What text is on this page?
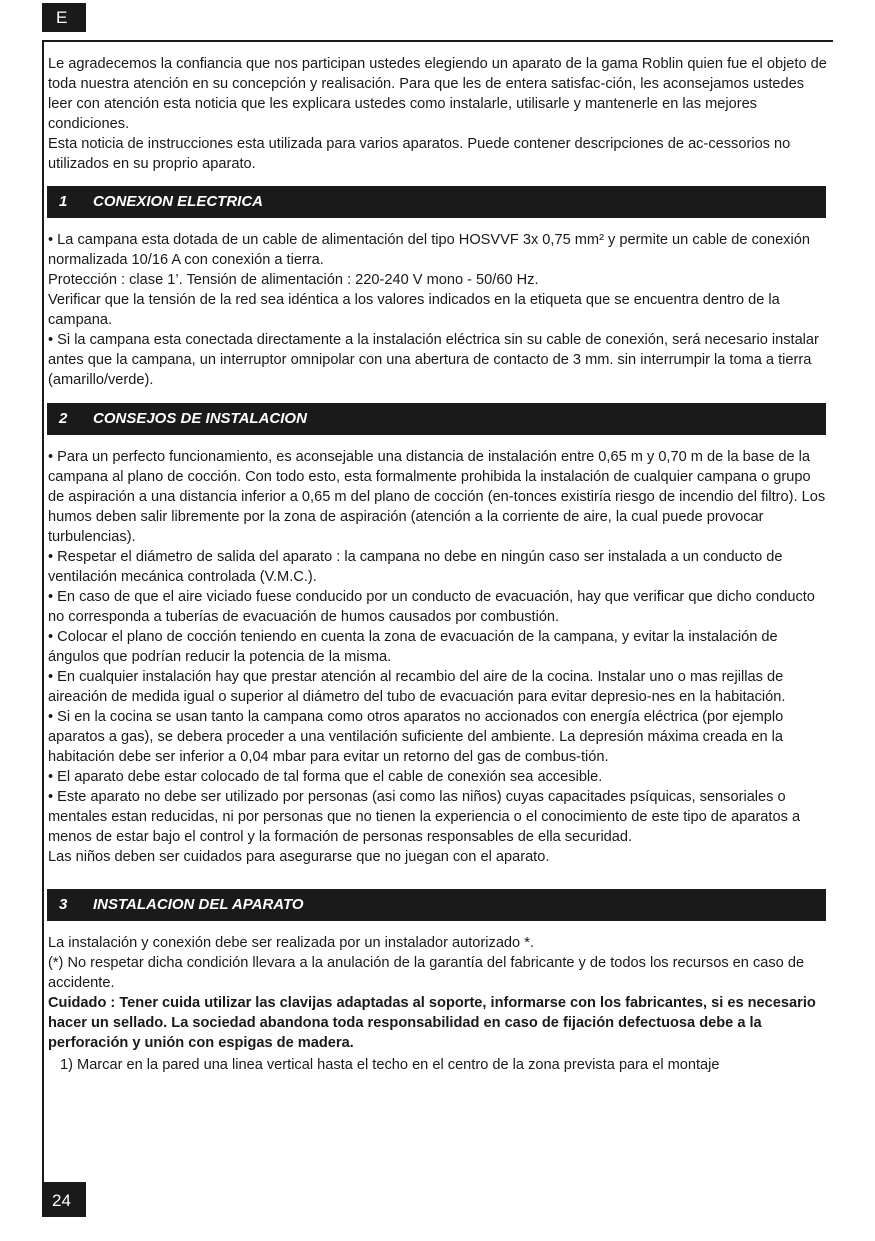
E

Le agradecemos la confiancia que nos participan ustedes elegiendo un aparato de la gama Roblin quien fue el objeto de toda nuestra atención en su concepción y realisación. Para que les de entera satisfac-ción, les aconsejamos ustedes leer con atención esta noticia que les explicara ustedes como instalarle, utilisarle y mantenerle en las mejores condiciones.

Esta noticia de instrucciones esta utilizada para varios aparatos. Puede contener descripciones de ac-cessorios no utilizados en su proprio aparato.

1 CONEXION ELECTRICA

• La campana esta dotada de un cable de alimentación del tipo HOSVVF 3x 0,75 mm² y permite un cable de conexión normalizada 10/16 A con conexión a tierra.

Protección : clase 1’. Tensión de alimentación : 220-240 V mono - 50/60 Hz.

Verificar que la tensión de la red sea idéntica a los valores indicados en la etiqueta que se encuentra dentro de la campana.

• Si la campana esta conectada directamente a la instalación eléctrica sin su cable de conexión, será necesario instalar antes que la campana, un interruptor omnipolar con una abertura de contacto de 3 mm. sin interrumpir la toma a tierra (amarillo/verde).

2 CONSEJOS DE INSTALACION

• Para un perfecto funcionamiento, es aconsejable una distancia de instalación entre 0,65 m y 0,70 m de la base de la campana al plano de cocción. Con todo esto, esta formalmente prohibida la instalación de cualquier campana o grupo de aspiración a una distancia inferior a 0,65 m del plano de cocción (en-tonces existiría riesgo de incendio del filtro). Los humos deben salir libremente por la zona de aspiración (atención a la corriente de aire, la cual puede provocar turbulencias).

• Respetar el diámetro de salida del aparato : la campana no debe en ningún caso ser instalada a un conducto de ventilación mecánica controlada (V.M.C.).

• En caso de que el aire viciado fuese conducido por un conducto de evacuación, hay que verificar que dicho conducto no corresponda a tuberías de evacuación de humos causados por combustión.

• Colocar el plano de cocción teniendo en cuenta la zona de evacuación de la campana, y evitar la instalación de ángulos que podrían reducir la potencia de la misma.

• En cualquier instalación hay que prestar atención al recambio del aire de la cocina. Instalar uno o mas rejillas de aireación de medida igual o superior al diámetro del tubo de evacuación para evitar depresio-nes en la habitación.

• Si en la cocina se usan tanto la campana como otros aparatos no accionados con energía eléctrica (por ejemplo aparatos a gas), se debera proceder a una ventilación suficiente del ambiente. La depresión máxima creada en la habitación debe ser inferior a 0,04 mbar para evitar un retorno del gas de combus-tión.

• El aparato debe estar colocado de tal forma que el cable de conexión sea accesible.

• Este aparato no debe ser utilizado por personas (asi como las niños) cuyas capacitades psíquicas, sensoriales o mentales estan reducidas, ni por personas que no tienen la experiencia o el conocimiento de este tipo de aparatos a menos de estar bajo el control y la formación de personas responsables de ella securidad.

Las niños deben ser cuidados para asegurarse que no juegan con el aparato.

3 INSTALACION DEL APARATO

La instalación y conexión debe ser realizada por un instalador autorizado *.

(*) No respetar dicha condición llevara a la anulación de la garantía del fabricante y de todos los recursos en caso de accidente.

Cuidado : Tener cuida utilizar las clavijas adaptadas al soporte, informarse con los fabricantes, si es necesario hacer un sellado. La sociedad abandona toda responsabilidad en caso de fijación defectuosa debe a la perforación y unión con espigas de madera.

1) Marcar en la pared una linea vertical hasta el techo en el centro de la zona prevista para el montaje

24
